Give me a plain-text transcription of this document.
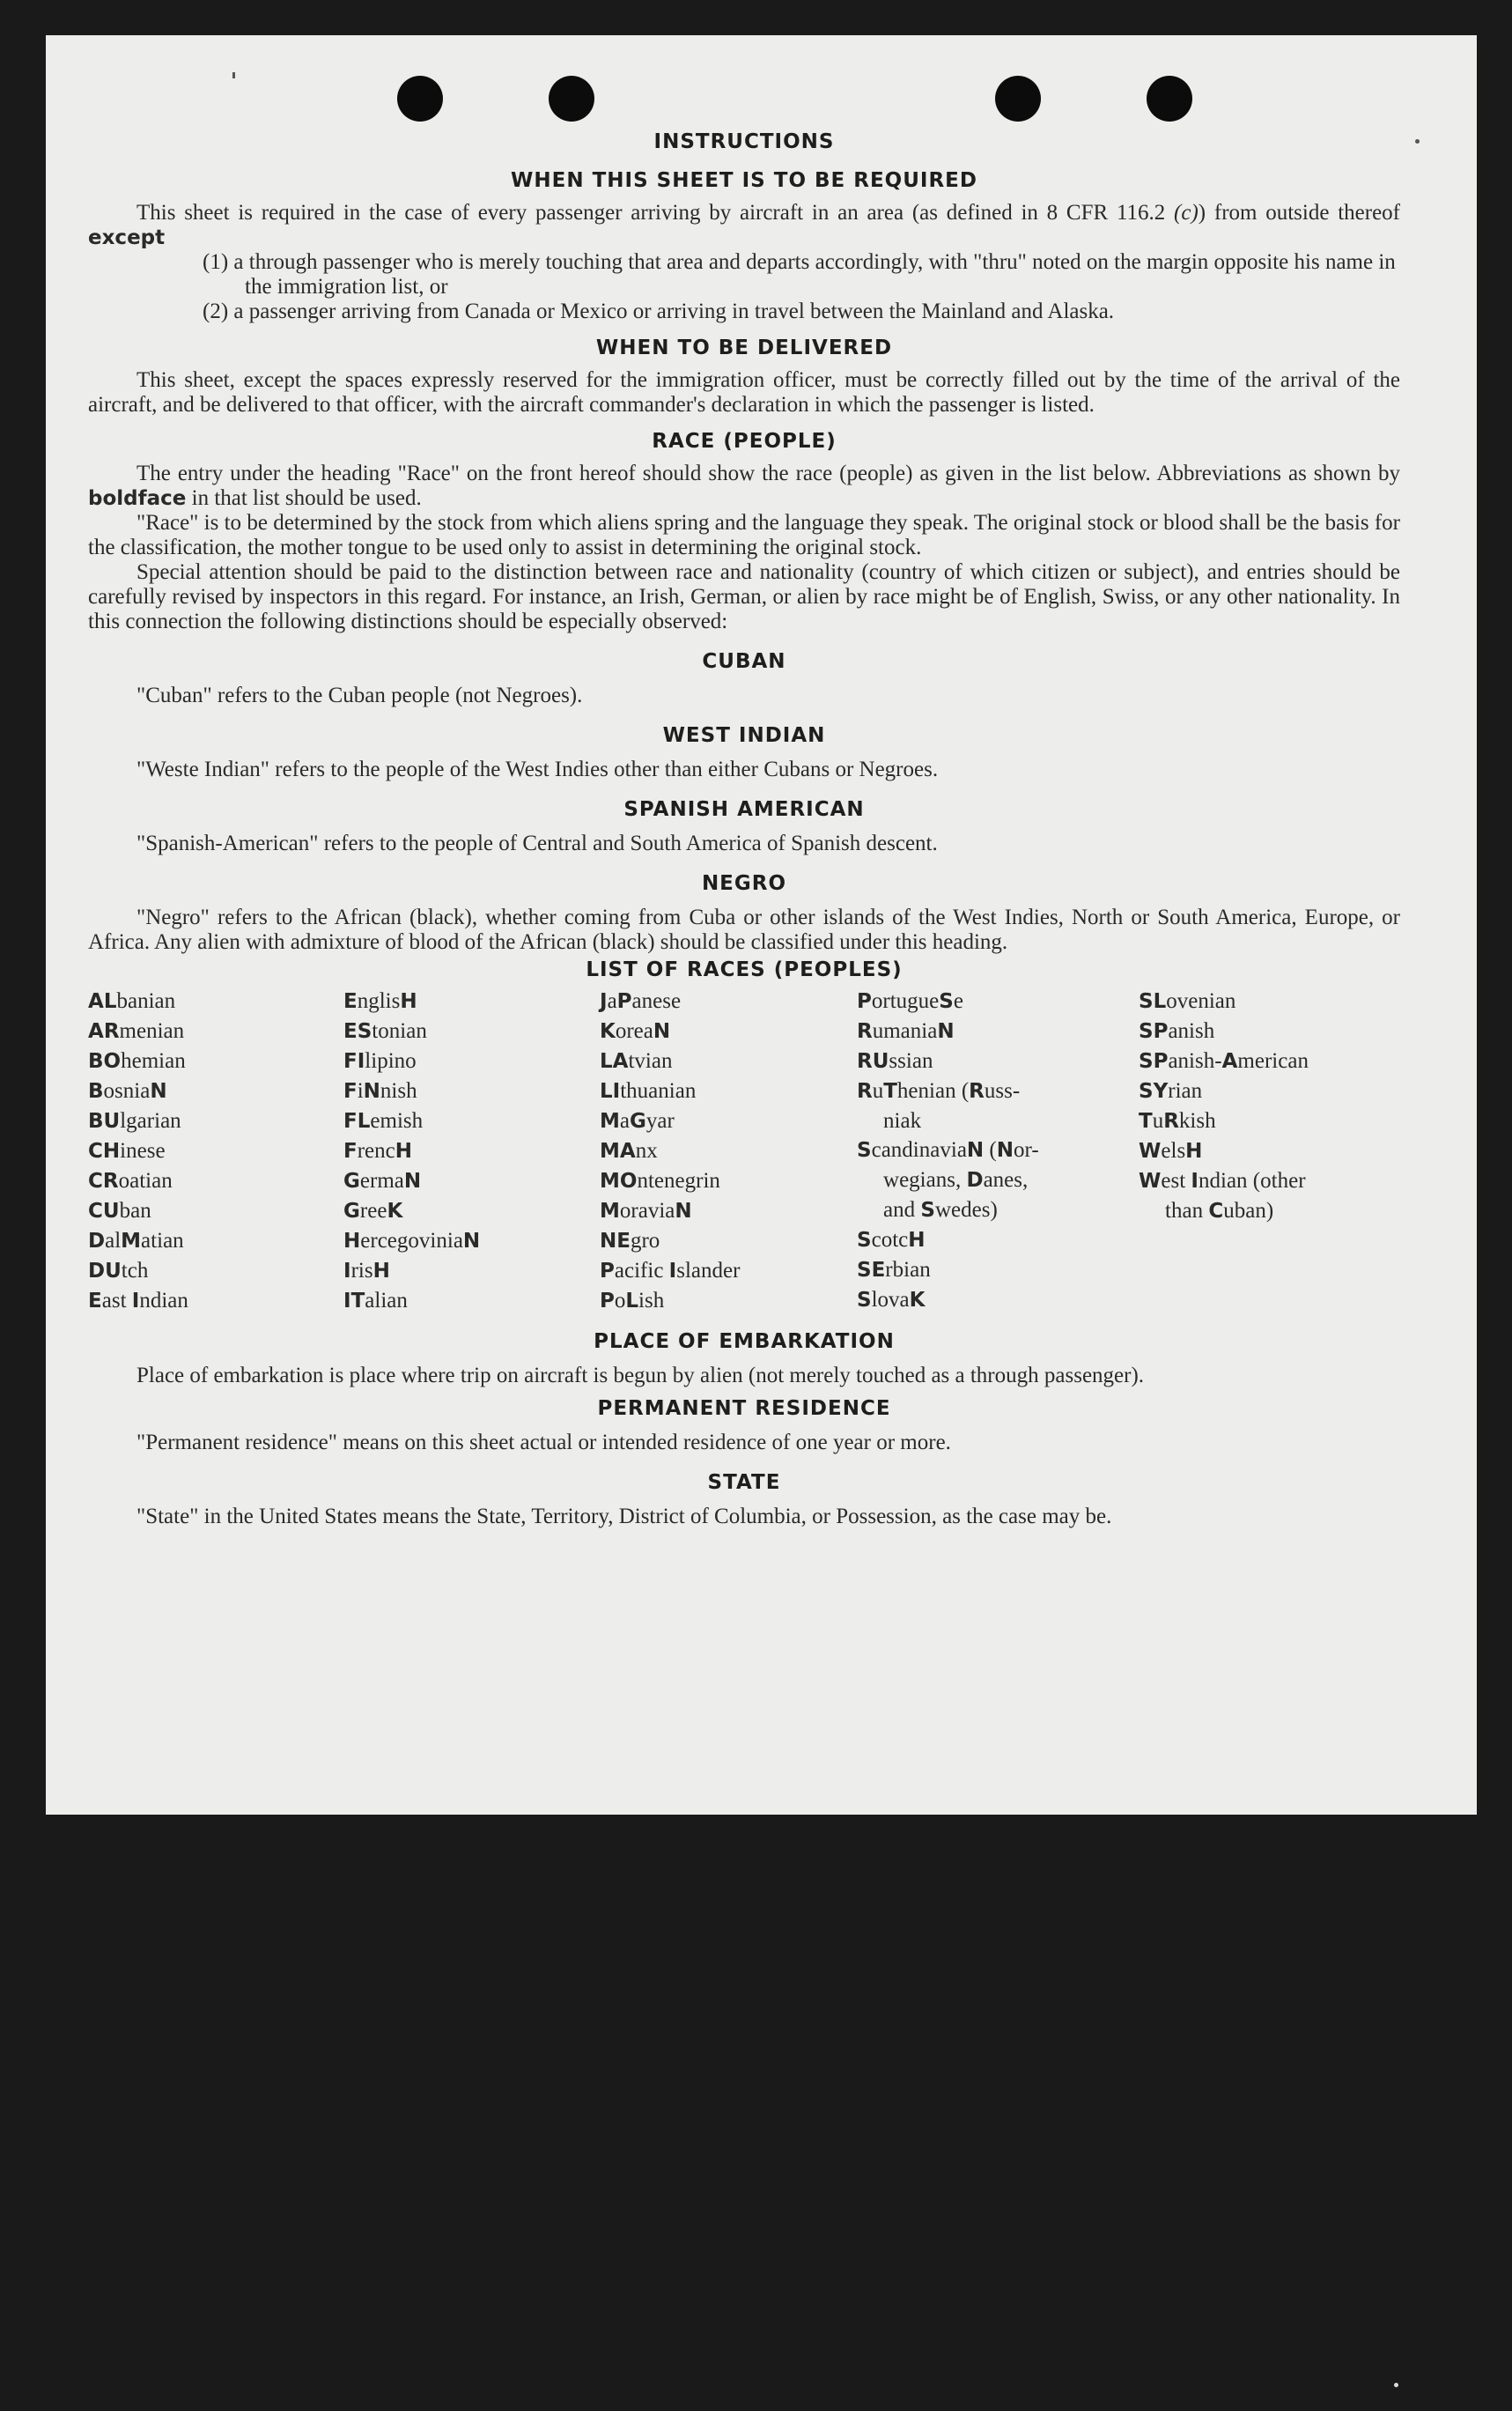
INSTRUCTIONS
WHEN THIS SHEET IS TO BE REQUIRED

This sheet is required in the case of every passenger arriving by aircraft in an area (as defined in 8 CFR 116.2 (c)) from outside thereof except

(1) a through passenger who is merely touching that area and departs accordingly, with "thru" noted on the margin opposite his name in the immigration list, or

(2) a passenger arriving from Canada or Mexico or arriving in travel between the Mainland and Alaska.

WHEN TO BE DELIVERED

This sheet, except the spaces expressly reserved for the immigration officer, must be correctly filled out by the time of the arrival of the aircraft, and be delivered to that officer, with the aircraft commander's declaration in which the passenger is listed.

RACE (PEOPLE)

The entry under the heading "Race" on the front hereof should show the race (people) as given in the list below. Abbreviations as shown by boldface in that list should be used.

"Race" is to be determined by the stock from which aliens spring and the language they speak. The original stock or blood shall be the basis for the classification, the mother tongue to be used only to assist in determining the original stock.

Special attention should be paid to the distinction between race and nationality (country of which citizen or subject), and entries should be carefully revised by inspectors in this regard. For instance, an Irish, German, or alien by race might be of English, Swiss, or any other nationality. In this connection the following distinctions should be especially observed:

CUBAN

"Cuban" refers to the Cuban people (not Negroes).

WEST INDIAN

"Weste Indian" refers to the people of the West Indies other than either Cubans or Negroes.

SPANISH AMERICAN

"Spanish-American" refers to the people of Central and South America of Spanish descent.

NEGRO

"Negro" refers to the African (black), whether coming from Cuba or other islands of the West Indies, North or South America, Europe, or Africa. Any alien with admixture of blood of the African (black) should be classified under this heading.

LIST OF RACES (PEOPLES)
ALbanian
ARmenian
BOhemian
BosniaN
BUlgarian
CHinese
CRoatian
CUban
DalMatian
DUtch
East Indian
EnglisH
EStonian
FIlipino
FiNnish
FLemish
FrencH
GermaN
GreeK
HercegoviniaN
IrisH
ITalian
JaPanese
KoreaN
LAtvian
LIthuanian
MaGyar
MAnx
MOntenegrin
MoraviaN
NEgro
Pacific Islander
PoLish
PortugueSe
RumaniaN
RUssian
RuThenian (Russ-
niak
ScandinaviaN (Nor-
wegians, Danes,
and Swedes)
ScotcH
SErbian
SlovaK
SLovenian
SPanish
SPanish-American
SYrian
TuRkish
WelsH
West Indian (other
than Cuban)
PLACE OF EMBARKATION

Place of embarkation is place where trip on aircraft is begun by alien (not merely touched as a through passenger).

PERMANENT RESIDENCE

"Permanent residence" means on this sheet actual or intended residence of one year or more.

STATE

"State" in the United States means the State, Territory, District of Columbia, or Possession, as the case may be.
